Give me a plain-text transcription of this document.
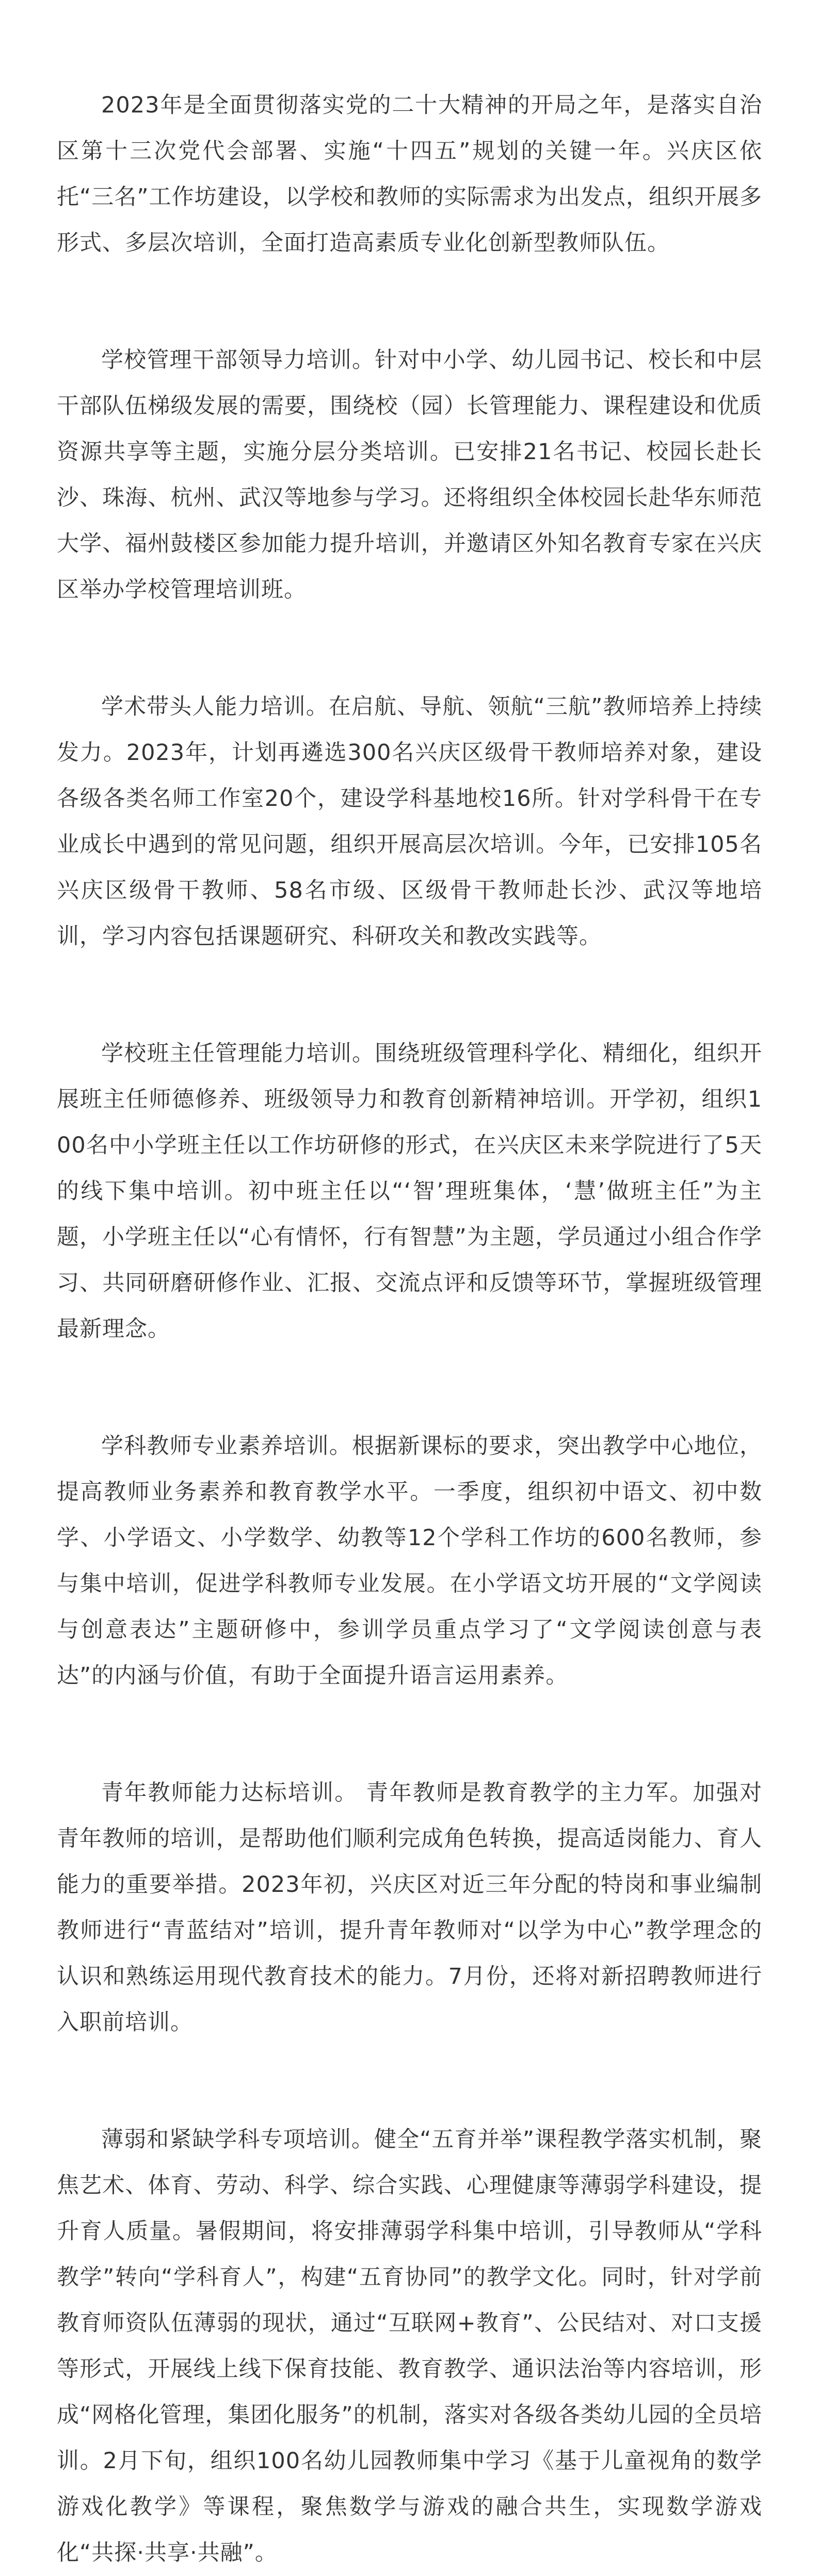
2023年是全面贯彻落实党的二十大精神的开局之年，是落实自治区第十三次党代会部署、实施“十四五”规划的关键一年。兴庆区依托“三名”工作坊建设，以学校和教师的实际需求为出发点，组织开展多形式、多层次培训，全面打造高素质专业化创新型教师队伍。

学校管理干部领导力培训。针对中小学、幼儿园书记、校长和中层干部队伍梯级发展的需要，围绕校（园）长管理能力、课程建设和优质资源共享等主题，实施分层分类培训。已安排21名书记、校园长赴长沙、珠海、杭州、武汉等地参与学习。还将组织全体校园长赴华东师范大学、福州鼓楼区参加能力提升培训，并邀请区外知名教育专家在兴庆区举办学校管理培训班。

学术带头人能力培训。在启航、导航、领航“三航”教师培养上持续发力。2023年，计划再遴选300名兴庆区级骨干教师培养对象，建设各级各类名师工作室20个，建设学科基地校16所。针对学科骨干在专业成长中遇到的常见问题，组织开展高层次培训。今年，已安排105名兴庆区级骨干教师、58名市级、区级骨干教师赴长沙、武汉等地培训，学习内容包括课题研究、科研攻关和教改实践等。

学校班主任管理能力培训。围绕班级管理科学化、精细化，组织开展班主任师德修养、班级领导力和教育创新精神培训。开学初，组织100名中小学班主任以工作坊研修的形式，在兴庆区未来学院进行了5天的线下集中培训。初中班主任以“‘智’理班集体，‘慧’做班主任”为主题，小学班主任以“心有情怀，行有智慧”为主题，学员通过小组合作学习、共同研磨研修作业、汇报、交流点评和反馈等环节，掌握班级管理最新理念。

学科教师专业素养培训。根据新课标的要求，突出教学中心地位，提高教师业务素养和教育教学水平。一季度，组织初中语文、初中数学、小学语文、小学数学、幼教等12个学科工作坊的600名教师，参与集中培训，促进学科教师专业发展。在小学语文坊开展的“文学阅读与创意表达”主题研修中，参训学员重点学习了“文学阅读创意与表达”的内涵与价值，有助于全面提升语言运用素养。

青年教师能力达标培训。 青年教师是教育教学的主力军。加强对青年教师的培训，是帮助他们顺利完成角色转换，提高适岗能力、育人能力的重要举措。2023年初，兴庆区对近三年分配的特岗和事业编制教师进行“青蓝结对”培训，提升青年教师对“以学为中心”教学理念的认识和熟练运用现代教育技术的能力。7月份，还将对新招聘教师进行入职前培训。

薄弱和紧缺学科专项培训。健全“五育并举”课程教学落实机制，聚焦艺术、体育、劳动、科学、综合实践、心理健康等薄弱学科建设，提升育人质量。暑假期间，将安排薄弱学科集中培训，引导教师从“学科教学”转向“学科育人”，构建“五育协同”的教学文化。同时，针对学前教育师资队伍薄弱的现状，通过“互联网+教育”、公民结对、对口支援等形式，开展线上线下保育技能、教育教学、通识法治等内容培训，形成“网格化管理，集团化服务”的机制，落实对各级各类幼儿园的全员培训。2月下旬，组织100名幼儿园教师集中学习《基于儿童视角的数学游戏化教学》等课程，聚焦数学与游戏的融合共生，实现数学游戏化“共探·共享·共融”。
